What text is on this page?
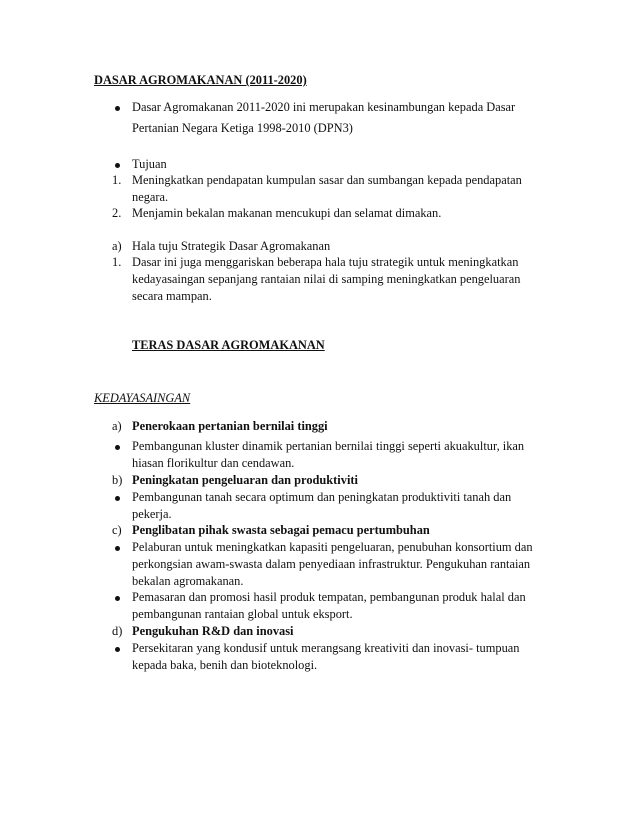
DASAR AGROMAKANAN (2011-2020)
Dasar Agromakanan 2011-2020 ini merupakan kesinambungan kepada Dasar
Pertanian Negara Ketiga 1998-2010 (DPN3)
Tujuan
1. Meningkatkan pendapatan kumpulan sasar dan sumbangan kepada pendapatan
negara.
2. Menjamin bekalan makanan mencukupi dan selamat dimakan.
a) Hala tuju Strategik Dasar Agromakanan
1. Dasar ini juga menggariskan beberapa hala tuju strategik untuk meningkatkan
kedayasaingan sepanjang rantaian nilai di samping meningkatkan pengeluaran
secara mampan.
TERAS DASAR AGROMAKANAN
KEDAYASAINGAN
a) Penerokaan pertanian bernilai tinggi
Pembangunan kluster dinamik pertanian bernilai tinggi seperti akuakultur, ikan
hiasan florikultur dan cendawan.
b) Peningkatan pengeluaran dan produktiviti
Pembangunan tanah secara optimum dan peningkatan produktiviti tanah dan
pekerja.
c) Penglibatan pihak swasta sebagai pemacu pertumbuhan
Pelaburan untuk meningkatkan kapasiti pengeluaran, penubuhan konsortium dan
perkongsian awam-swasta dalam penyediaan infrastruktur. Pengukuhan rantaian
bekalan agromakanan.
Pemasaran dan promosi hasil produk tempatan, pembangunan produk halal dan
pembangunan rantaian global untuk eksport.
d) Pengukuhan R&D dan inovasi
Persekitaran yang kondusif untuk merangsang kreativiti dan inovasi- tumpuan
kepada baka, benih dan bioteknologi.
